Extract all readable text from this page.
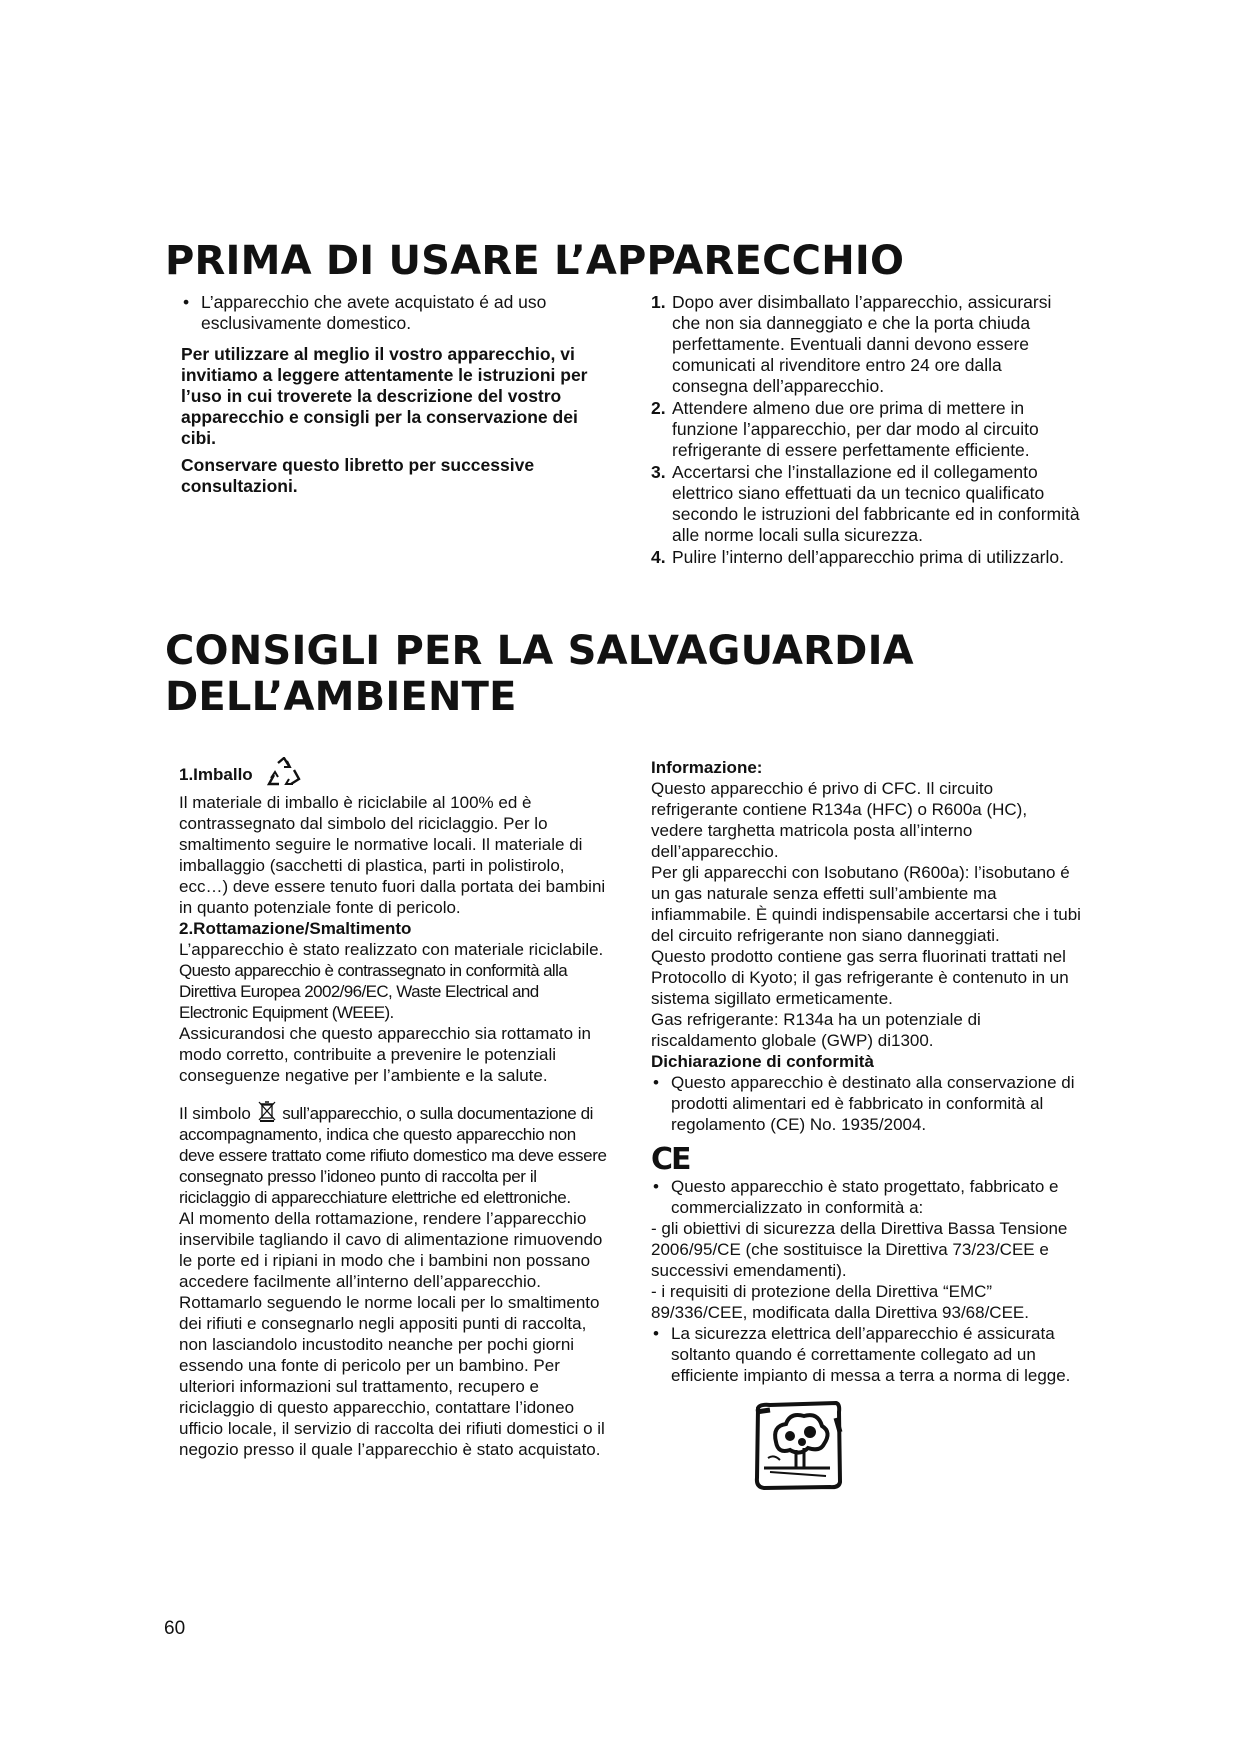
PRIMA DI USARE L’APPARECCHIO

• L’apparecchio che avete acquistato é ad uso esclusivamente domestico.

Per utilizzare al meglio il vostro apparecchio, vi invitiamo a leggere attentamente le istruzioni per l’uso in cui troverete la descrizione del vostro apparecchio e consigli per la conservazione dei cibi.

Conservare questo libretto per successive consultazioni.

1. Dopo aver disimballato l’apparecchio, assicurarsi che non sia danneggiato e che la porta chiuda perfettamente. Eventuali danni devono essere comunicati al rivenditore entro 24 ore dalla consegna dell’apparecchio.
2. Attendere almeno due ore prima di mettere in funzione l’apparecchio, per dar modo al circuito refrigerante di essere perfettamente efficiente.
3. Accertarsi che l’installazione ed il collegamento elettrico siano effettuati da un tecnico qualificato secondo le istruzioni del fabbricante ed in conformità alle norme locali sulla sicurezza.
4. Pulire l’interno dell’apparecchio prima di utilizzarlo.
CONSIGLI PER LA SALVAGUARDIA
DELL’AMBIENTE
1.Imballo

Il materiale di imballo è riciclabile al 100% ed è contrassegnato dal simbolo del riciclaggio. Per lo smaltimento seguire le normative locali. Il materiale di imballaggio (sacchetti di plastica, parti in polistirolo, ecc…) deve essere tenuto fuori dalla portata dei bambini in quanto potenziale fonte di pericolo.

2.Rottamazione/Smaltimento

L’apparecchio è stato realizzato con materiale riciclabile.

Questo apparecchio è contrassegnato in conformità alla Direttiva Europea 2002/96/EC, Waste Electrical and Electronic Equipment (WEEE).

Assicurandosi che questo apparecchio sia rottamato in modo corretto, contribuite a prevenire le potenziali conseguenze negative per l’ambiente e la salute.

Il simbolo sull’apparecchio, o sulla documentazione di accompagnamento, indica che questo apparecchio non deve essere trattato come rifiuto domestico ma deve essere consegnato presso l’idoneo punto di raccolta per il riciclaggio di apparecchiature elettriche ed elettroniche.

Al momento della rottamazione, rendere l’apparecchio inservibile tagliando il cavo di alimentazione rimuovendo le porte ed i ripiani in modo che i bambini non possano accedere facilmente all’interno dell’apparecchio.

Rottamarlo seguendo le norme locali per lo smaltimento dei rifiuti e consegnarlo negli appositi punti di raccolta, non lasciandolo incustodito neanche per pochi giorni essendo una fonte di pericolo per un bambino. Per ulteriori informazioni sul trattamento, recupero e riciclaggio di questo apparecchio, contattare l’idoneo ufficio locale, il servizio di raccolta dei rifiuti domestici o il negozio presso il quale l’apparecchio è stato acquistato.

Informazione:

Questo apparecchio é privo di CFC. Il circuito refrigerante contiene R134a (HFC) o R600a (HC), vedere targhetta matricola posta all’interno dell’apparecchio.

Per gli apparecchi con Isobutano (R600a): l’isobutano é un gas naturale senza effetti sull’ambiente ma infiammabile. È quindi indispensabile accertarsi che i tubi del circuito refrigerante non siano danneggiati.

Questo prodotto contiene gas serra fluorinati trattati nel Protocollo di Kyoto; il gas refrigerante è contenuto in un sistema sigillato ermeticamente.

Gas refrigerante: R134a ha un potenziale di riscaldamento globale (GWP) di1300.

Dichiarazione di conformità

• Questo apparecchio è destinato alla conservazione di prodotti alimentari ed è fabbricato in conformità al regolamento (CE) No. 1935/2004.

CE

• Questo apparecchio è stato progettato, fabbricato e commercializzato in conformità a:

- gli obiettivi di sicurezza della Direttiva Bassa Tensione 2006/95/CE (che sostituisce la Direttiva 73/23/CEE e successivi emendamenti).

- i requisiti di protezione della Direttiva “EMC” 89/336/CEE, modificata dalla Direttiva 93/68/CEE.

• La sicurezza elettrica dell’apparecchio é assicurata soltanto quando é correttamente collegato ad un efficiente impianto di messa a terra a norma di legge.

60
